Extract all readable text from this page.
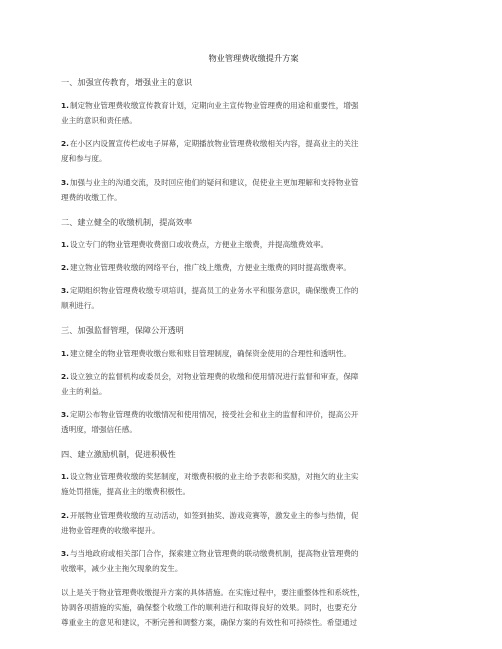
物业管理费收缴提升方案
一、加强宣传教育，增强业主的意识
1.制定物业管理费收缴宣传教育计划，定期向业主宣传物业管理费的用途和重要性，增强
业主的意识和责任感。
2.在小区内设置宣传栏或电子屏幕，定期播放物业管理费收缴相关内容，提高业主的关注
度和参与度。
3.加强与业主的沟通交流，及时回应他们的疑问和建议，促使业主更加理解和支持物业管
理费的收缴工作。
二、建立健全的收缴机制，提高效率
1.设立专门的物业管理费收费窗口或收费点，方便业主缴费，并提高缴费效率。
2.建立物业管理费收缴的网络平台，推广线上缴费，方便业主缴费的同时提高缴费率。
3.定期组织物业管理费收缴专项培训，提高员工的业务水平和服务意识，确保缴费工作的
顺利进行。
三、加强监督管理，保障公开透明
1.建立健全的物业管理费收缴台账和账目管理制度，确保资金使用的合理性和透明性。
2.设立独立的监督机构或委员会，对物业管理费的收缴和使用情况进行监督和审查，保障
业主的利益。
3.定期公布物业管理费的收缴情况和使用情况，接受社会和业主的监督和评价，提高公开
透明度，增强信任感。
四、建立激励机制，促进积极性
1.设立物业管理费收缴的奖惩制度，对缴费积极的业主给予表彰和奖励，对拖欠的业主实
施处罚措施，提高业主的缴费积极性。
2.开展物业管理费收缴的互动活动，如签到抽奖、游戏竞赛等，激发业主的参与热情，促
进物业管理费的收缴率提升。
3.与当地政府或相关部门合作，探索建立物业管理费的联动缴费机制，提高物业管理费的
收缴率，减少业主拖欠现象的发生。
以上是关于物业管理费收缴提升方案的具体措施。在实施过程中，要注重整体性和系统性，
协调各项措施的实施，确保整个收缴工作的顺利进行和取得良好的效果。同时，也要充分
尊重业主的意见和建议，不断完善和调整方案，确保方案的有效性和可持续性。希望通过
